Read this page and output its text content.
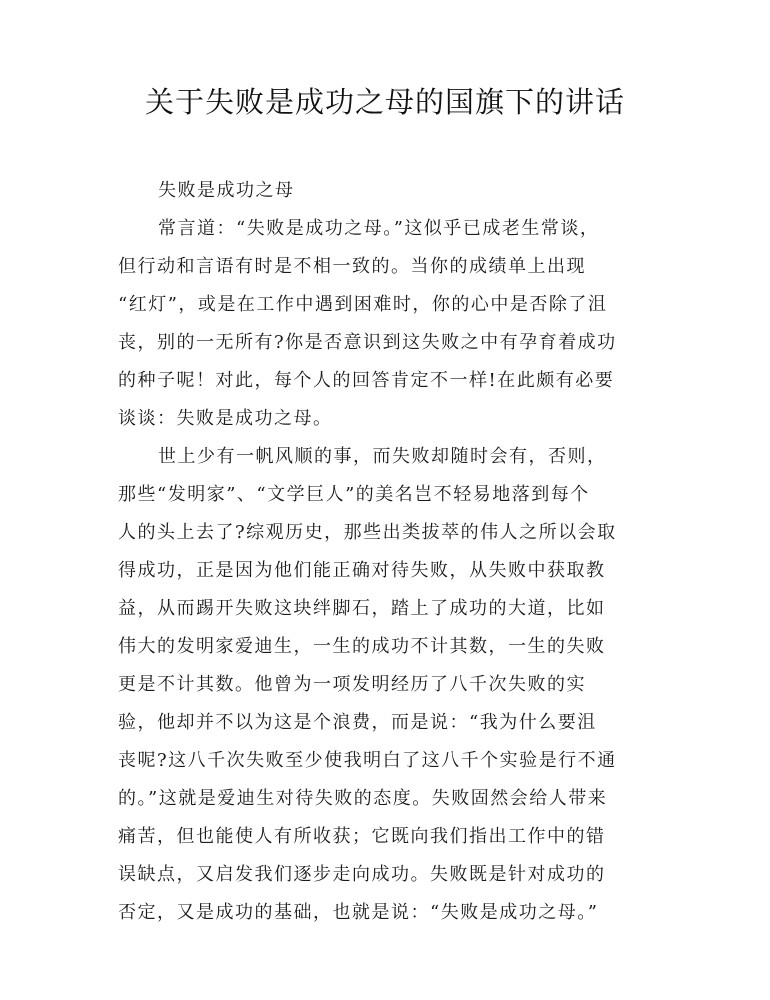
关于失败是成功之母的国旗下的讲话
失败是成功之母
常言道：“失败是成功之母。”这似乎已成老生常谈，
但行动和言语有时是不相一致的。当你的成绩单上出现
“红灯”，或是在工作中遇到困难时，你的心中是否除了沮
丧，别的一无所有?你是否意识到这失败之中有孕育着成功
的种子呢！对此，每个人的回答肯定不一样!在此颇有必要
谈谈：失败是成功之母。
世上少有一帆风顺的事，而失败却随时会有，否则，
那些“发明家”、“文学巨人”的美名岂不轻易地落到每个
人的头上去了?综观历史，那些出类拔萃的伟人之所以会取
得成功，正是因为他们能正确对待失败，从失败中获取教
益，从而踢开失败这块绊脚石，踏上了成功的大道，比如
伟大的发明家爱迪生，一生的成功不计其数，一生的失败
更是不计其数。他曾为一项发明经历了八千次失败的实
验，他却并不以为这是个浪费，而是说：“我为什么要沮
丧呢?这八千次失败至少使我明白了这八千个实验是行不通
的。”这就是爱迪生对待失败的态度。失败固然会给人带来
痛苦，但也能使人有所收获；它既向我们指出工作中的错
误缺点，又启发我们逐步走向成功。失败既是针对成功的
否定，又是成功的基础，也就是说：“失败是成功之母。”
